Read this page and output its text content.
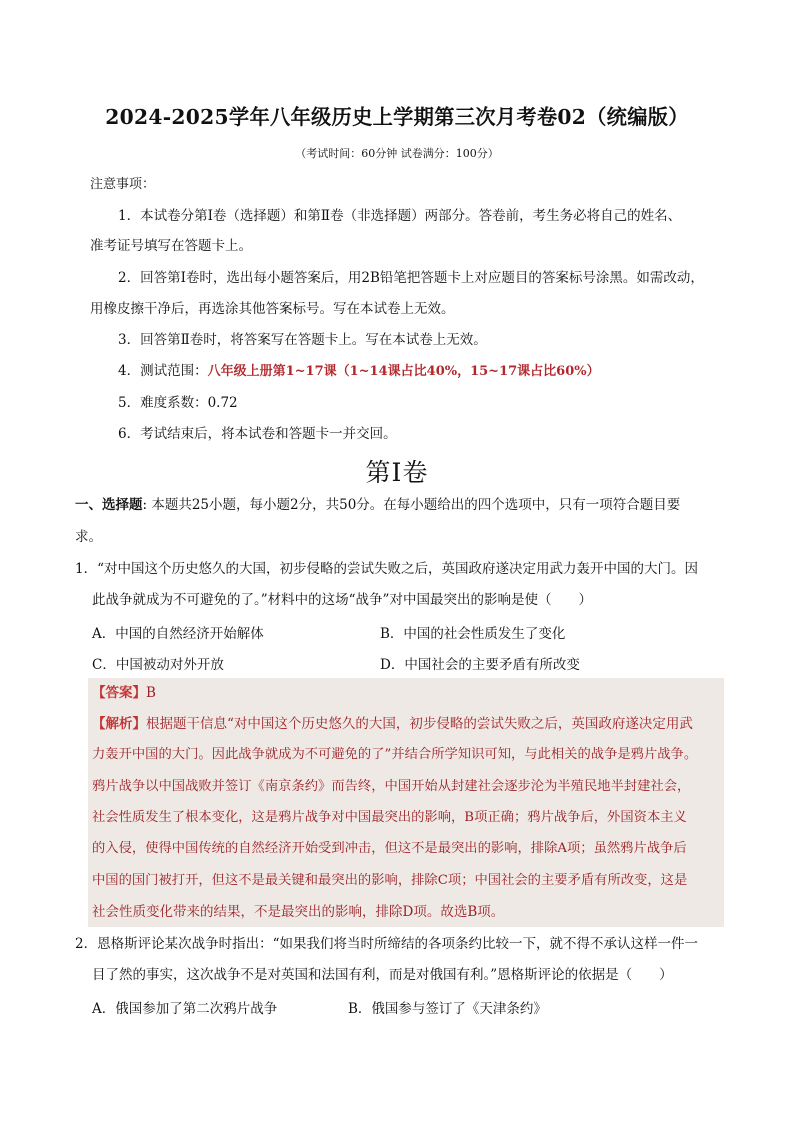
2024-2025学年八年级历史上学期第三次月考卷02（统编版）
（考试时间：60分钟 试卷满分：100分）
注意事项：
1．本试卷分第Ⅰ卷（选择题）和第Ⅱ卷（非选择题）两部分。答卷前，考生务必将自己的姓名、
准考证号填写在答题卡上。
2．回答第Ⅰ卷时，选出每小题答案后，用2B铅笔把答题卡上对应题目的答案标号涂黑。如需改动，
用橡皮擦干净后，再选涂其他答案标号。写在本试卷上无效。
3．回答第Ⅱ卷时，将答案写在答题卡上。写在本试卷上无效。
4．测试范围：八年级上册第1~17课（1~14课占比40%，15~17课占比60%）
5．难度系数：0.72
6．考试结束后，将本试卷和答题卡一并交回。
第Ⅰ卷
一、选择题: 本题共25小题，每小题2分，共50分。在每小题给出的四个选项中，只有一项符合题目要
求。
1．“对中国这个历史悠久的大国，初步侵略的尝试失败之后，英国政府遂决定用武力轰开中国的大门。因
此战争就成为不可避免的了。”材料中的这场“战争”对中国最突出的影响是使（　　）
A．中国的自然经济开始解体	B．中国的社会性质发生了变化
C．中国被动对外开放	D．中国社会的主要矛盾有所改变
【答案】B
【解析】根据题干信息“对中国这个历史悠久的大国，初步侵略的尝试失败之后，英国政府遂决定用武
力轰开中国的大门。因此战争就成为不可避免的了”并结合所学知识可知，与此相关的战争是鸦片战争。
鸦片战争以中国战败并签订《南京条约》而告终，中国开始从封建社会逐步沦为半殖民地半封建社会，
社会性质发生了根本变化，这是鸦片战争对中国最突出的影响，B项正确；鸦片战争后，外国资本主义
的入侵，使得中国传统的自然经济开始受到冲击，但这不是最突出的影响，排除A项；虽然鸦片战争后
中国的国门被打开，但这不是最关键和最突出的影响，排除C项；中国社会的主要矛盾有所改变，这是
社会性质变化带来的结果，不是最突出的影响，排除D项。故选B项。
2．恩格斯评论某次战争时指出：“如果我们将当时所缔结的各项条约比较一下，就不得不承认这样一件一
目了然的事实，这次战争不是对英国和法国有利，而是对俄国有利。”恩格斯评论的依据是（　　）
A．俄国参加了第二次鸦片战争	B．俄国参与签订了《天津条约》
